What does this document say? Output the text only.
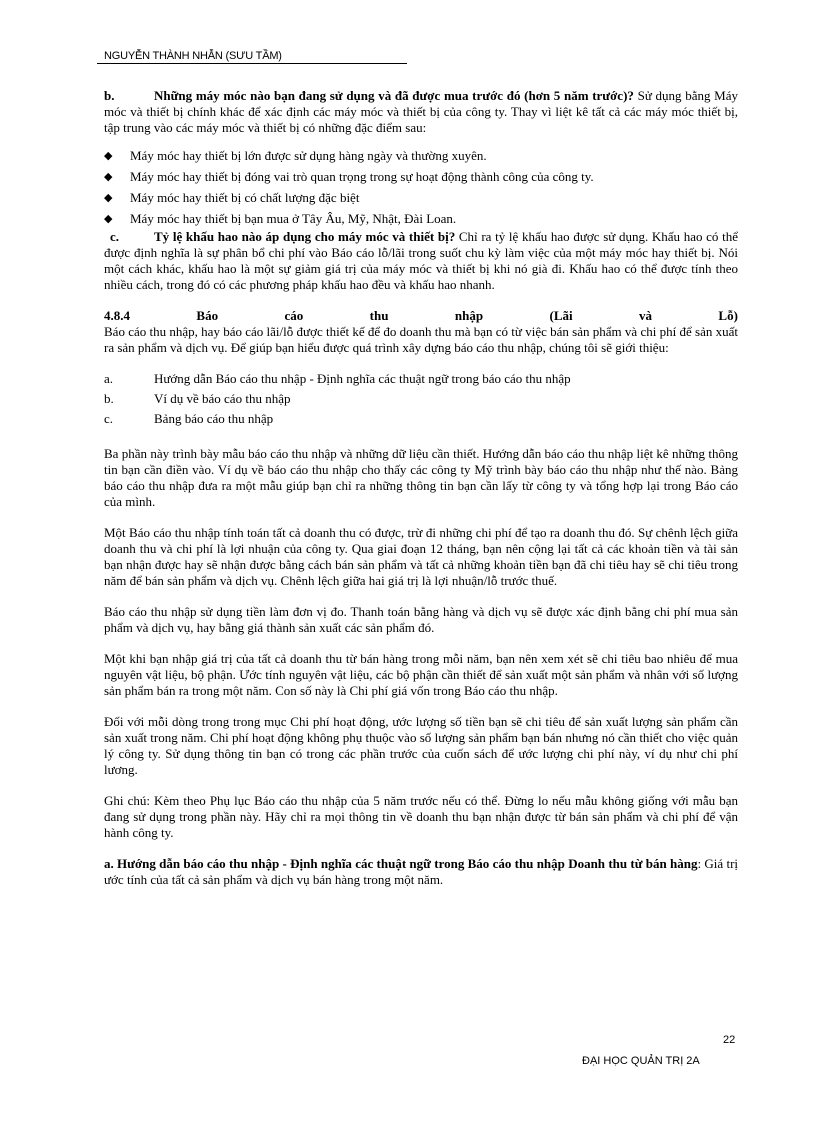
NGUYỄN THÀNH NHẪN (SƯU TẦM)

b.	Những máy móc nào bạn đang sử dụng và đã được mua trước đó (hơn 5 năm trước)? Sử dụng bằng Máy móc và thiết bị chính khác để xác định các máy móc và thiết bị của công ty. Thay vì liệt kê tất cả các máy móc thiết bị, tập trung vào các máy móc và thiết bị có những đặc điểm sau:

◆	Máy móc hay thiết bị lớn được sử dụng hàng ngày và thường xuyên.
◆	Máy móc hay thiết bị đóng vai trò quan trọng trong sự hoạt động thành công của công ty.
◆	Máy móc hay thiết bị có chất lượng đặc biệt
◆	Máy móc hay thiết bị bạn mua ở Tây Âu, Mỹ, Nhật, Đài Loan.

c.	Tỷ lệ khấu hao nào áp dụng cho máy móc và thiết bị? Chỉ ra tỷ lệ khấu hao được sử dụng. Khấu hao có thể được định nghĩa là sự phân bổ chi phí vào Báo cáo lỗ/lãi trong suốt chu kỳ làm việc của một máy móc hay thiết bị. Nói một cách khác, khấu hao là một sự giảm giá trị của máy móc và thiết bị khi nó già đi. Khấu hao có thể được tính theo nhiều cách, trong đó có các phương pháp khấu hao đều và khấu hao nhanh.

4.8.4	Báo	cáo	thu	nhập	(Lãi	và	Lỗ)

Báo cáo thu nhập, hay báo cáo lãi/lỗ được thiết kế để đo doanh thu mà bạn có từ việc bán sản phẩm và chi phí để sản xuất ra sản phẩm và dịch vụ. Để giúp bạn hiểu được quá trình xây dựng báo cáo thu nhập, chúng tôi sẽ giới thiệu:

a.	Hướng dẫn Báo cáo thu nhập - Định nghĩa các thuật ngữ trong báo cáo thu nhập
b.	Ví dụ về báo cáo thu nhập
c.	Bảng báo cáo thu nhập

Ba phần này trình bày mẫu báo cáo thu nhập và những dữ liệu cần thiết. Hướng dẫn báo cáo thu nhập liệt kê những thông tin bạn cần điền vào. Ví dụ về báo cáo thu nhập cho thấy các công ty Mỹ trình bày báo cáo thu nhập như thế nào. Bảng báo cáo thu nhập đưa ra một mẫu giúp bạn chỉ ra những thông tin bạn cần lấy từ công ty và tổng hợp lại trong Báo cáo của mình.

Một Báo cáo thu nhập tính toán tất cả doanh thu có được, trừ đi những chi phí để tạo ra doanh thu đó. Sự chênh lệch giữa doanh thu và chi phí là lợi nhuận của công ty. Qua giai đoạn 12 tháng, bạn nên cộng lại tất cả các khoản tiền và tài sản bạn nhận được hay sẽ nhận được bằng cách bán sản phẩm và tất cả những khoản tiền bạn đã chi tiêu hay sẽ chi tiêu trong năm để bán sản phẩm và dịch vụ. Chênh lệch giữa hai giá trị là lợi nhuận/lỗ trước thuế.

Báo cáo thu nhập sử dụng tiền làm đơn vị đo. Thanh toán bằng hàng và dịch vụ sẽ được xác định bằng chi phí mua sản phẩm và dịch vụ, hay bằng giá thành sản xuất các sản phẩm đó.

Một khi bạn nhập giá trị của tất cả doanh thu từ bán hàng trong mỗi năm, bạn nên xem xét sẽ chi tiêu bao nhiêu để mua nguyên vật liệu, bộ phận. Ước tính nguyên vật liệu, các bộ phận cần thiết để sản xuất một sản phẩm và nhân với số lượng sản phẩm bán ra trong một năm. Con số này là Chi phí giá vốn trong Báo cáo thu nhập.

Đối với mỗi dòng trong trong mục Chi phí hoạt động, ước lượng số tiền bạn sẽ chi tiêu để sản xuất lượng sản phẩm cần sản xuất trong năm. Chi phí hoạt động không phụ thuộc vào số lượng sản phẩm bạn bán nhưng nó cần thiết cho việc quản lý công ty. Sử dụng thông tin bạn có trong các phần trước của cuốn sách để ước lượng chi phí này, ví dụ như chi phí lương.

Ghi chú: Kèm theo Phụ lục Báo cáo thu nhập của 5 năm trước nếu có thể. Đừng lo nếu mẫu không giống với mẫu bạn đang sử dụng trong phần này. Hãy chỉ ra mọi thông tin về doanh thu bạn nhận được từ bán sản phẩm và chi phí để vận hành công ty.

a. Hướng dẫn báo cáo thu nhập - Định nghĩa các thuật ngữ trong Báo cáo thu nhập Doanh thu từ bán hàng: Giá trị ước tính của tất cả sản phẩm và dịch vụ bán hàng trong một năm.

22
ĐẠI HỌC QUẢN TRỊ 2A
